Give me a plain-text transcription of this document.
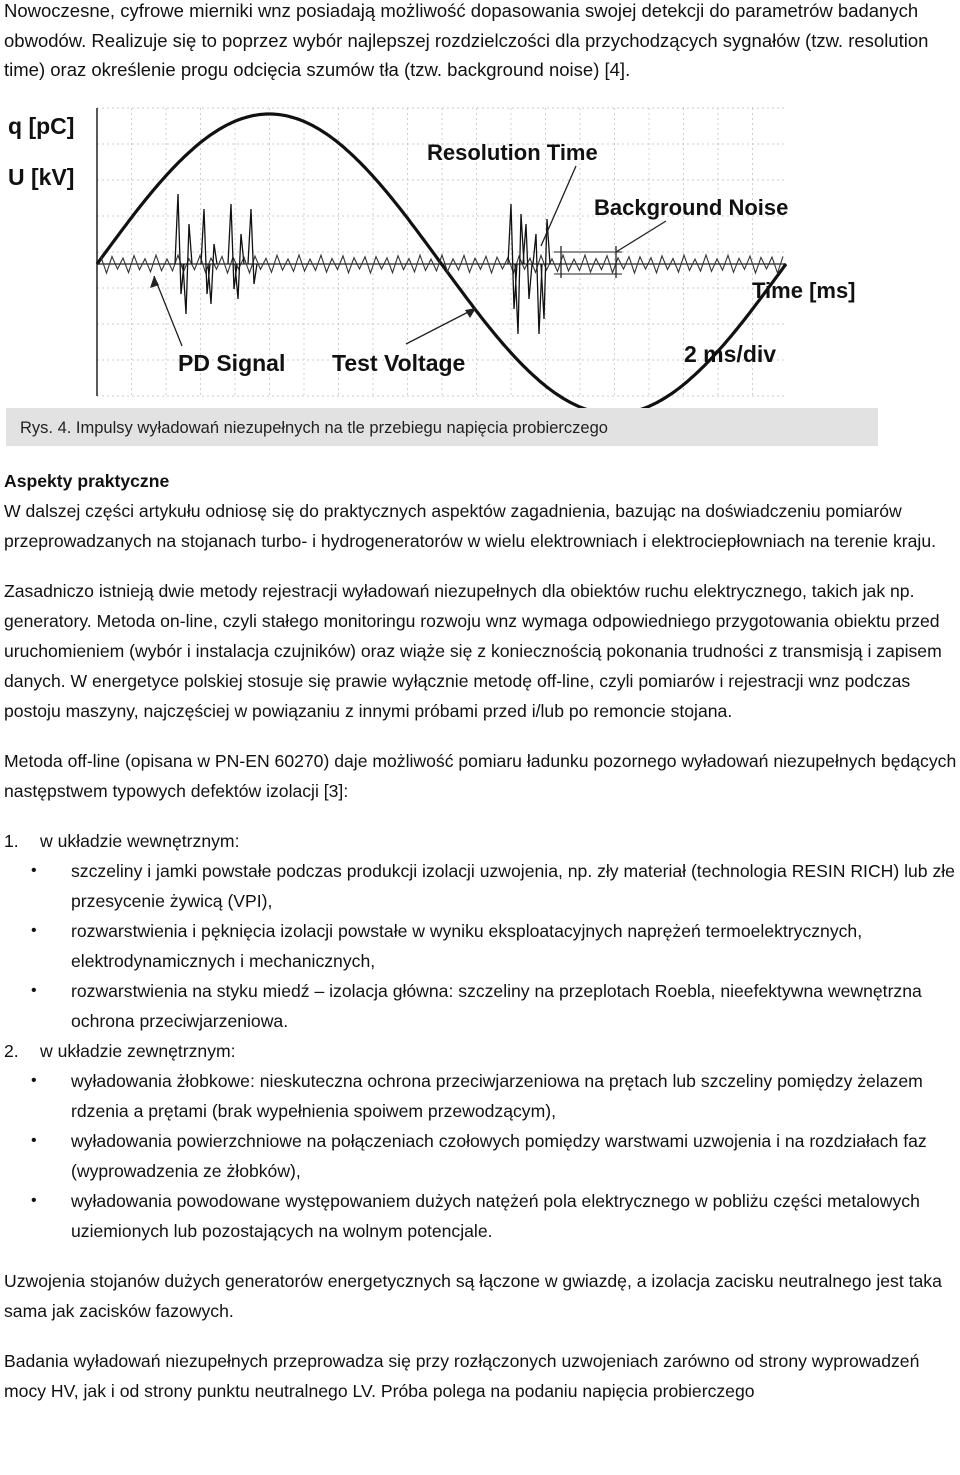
Nowoczesne, cyfrowe mierniki wnz posiadają możliwość dopasowania swojej detekcji do parametrów badanych obwodów. Realizuje się to poprzez wybór najlepszej rozdzielczości dla przychodzących sygnałów (tzw. resolution time) oraz określenie progu odcięcia szumów tła (tzw. background noise) [4].

q [pC]
U [kV]
Resolution Time
Background Noise
Time [ms]
PD Signal Test Voltage	2 ms/div
Rys. 4. Impulsy wyładowań niezupełnych na tle przebiegu napięcia probierczego

Aspekty praktyczne

W dalszej części artykułu odniosę się do praktycznych aspektów zagadnienia, bazując na doświadczeniu pomiarów przeprowadzanych na stojanach turbo- i hydrogeneratorów w wielu elektrowniach i elektrociepłowniach na terenie kraju.

Zasadniczo istnieją dwie metody rejestracji wyładowań niezupełnych dla obiektów ruchu elektrycznego, takich jak np. generatory. Metoda on-line, czyli stałego monitoringu rozwoju wnz wymaga odpowiedniego przygotowania obiektu przed uruchomieniem (wybór i instalacja czujników) oraz wiąże się z koniecznością pokonania trudności z transmisją i zapisem danych. W energetyce polskiej stosuje się prawie wyłącznie metodę off-line, czyli pomiarów i rejestracji wnz podczas postoju maszyny, najczęściej w powiązaniu z innymi próbami przed i/lub po remoncie stojana.

Metoda off-line (opisana w PN-EN 60270) daje możliwość pomiaru ładunku pozornego wyładowań niezupełnych będących następstwem typowych defektów izolacji [3]:

1.	w układzie wewnętrznym:
•	szczeliny i jamki powstałe podczas produkcji izolacji uzwojenia, np. zły materiał (technologia RESIN RICH) lub złe przesycenie żywicą (VPI),
•	rozwarstwienia i pęknięcia izolacji powstałe w wyniku eksploatacyjnych naprężeń termoelektrycznych, elektrodynamicznych i mechanicznych,
•	rozwarstwienia na styku miedź – izolacja główna: szczeliny na przeplotach Roebla, nieefektywna wewnętrzna ochrona przeciwjarzeniowa.
2.	w układzie zewnętrznym:
•	wyładowania żłobkowe: nieskuteczna ochrona przeciwjarzeniowa na prętach lub szczeliny pomiędzy żelazem rdzenia a prętami (brak wypełnienia spoiwem przewodzącym),
•	wyładowania powierzchniowe na połączeniach czołowych pomiędzy warstwami uzwojenia i na rozdziałach faz (wyprowadzenia ze żłobków),
•	wyładowania powodowane występowaniem dużych natężeń pola elektrycznego w pobliżu części metalowych uziemionych lub pozostających na wolnym potencjale.

Uzwojenia stojanów dużych generatorów energetycznych są łączone w gwiazdę, a izolacja zacisku neutralnego jest taka sama jak zacisków fazowych.

Badania wyładowań niezupełnych przeprowadza się przy rozłączonych uzwojeniach zarówno od strony wyprowadzeń mocy HV, jak i od strony punktu neutralnego LV. Próba polega na podaniu napięcia probierczego
